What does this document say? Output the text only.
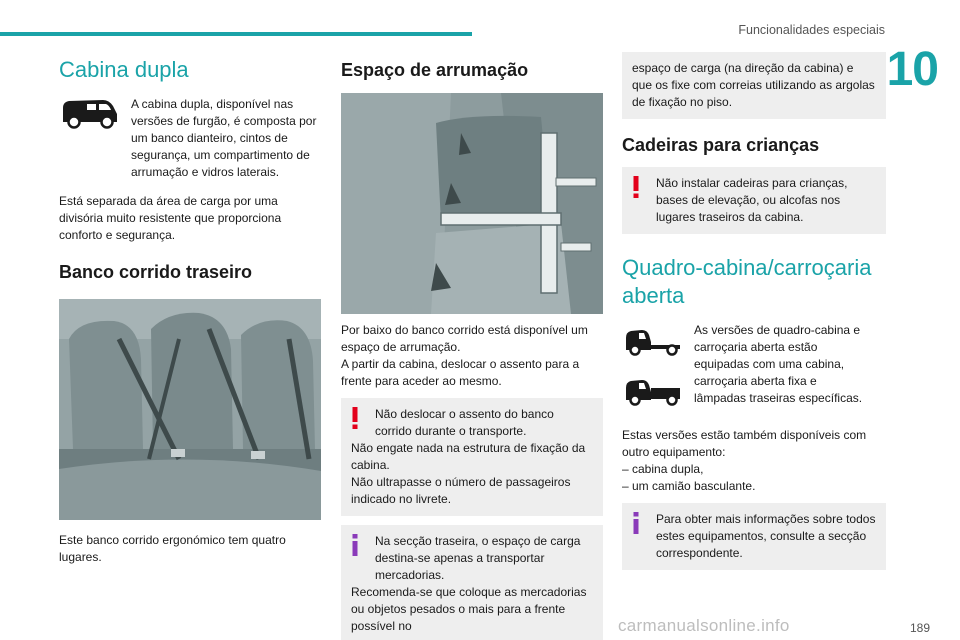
Funcionalidades especiais
10
Cabina dupla
A cabina dupla, disponível nas versões de furgão, é composta por um banco dianteiro, cintos de segurança, um compartimento de arrumação e vidros laterais.
Está separada da área de carga por uma divisória muito resistente que proporciona conforto e segurança.
Banco corrido traseiro
Este banco corrido ergonómico tem quatro lugares.
Espaço de arrumação
Por baixo do banco corrido está disponível um espaço de arrumação.
A partir da cabina, deslocar o assento para a frente para aceder ao mesmo.
Não deslocar o assento do banco corrido durante o transporte.
Não engate nada na estrutura de fixação da cabina.
Não ultrapasse o número de passageiros indicado no livrete.
Na secção traseira, o espaço de carga destina-se apenas a transportar mercadorias.
Recomenda-se que coloque as mercadorias ou objetos pesados o mais para a frente possível no
espaço de carga (na direção da cabina) e que os fixe com correias utilizando as argolas de fixação no piso.
Cadeiras para crianças
Não instalar cadeiras para crianças, bases de elevação, ou alcofas nos lugares traseiros da cabina.
Quadro-cabina/carroçaria aberta
As versões de quadro-cabina e carroçaria aberta estão equipadas com uma cabina, carroçaria aberta fixa e lâmpadas traseiras específicas.
Estas versões estão também disponíveis com outro equipamento:
– cabina dupla,
– um camião basculante.
Para obter mais informações sobre todos estes equipamentos, consulte a secção correspondente.
189
carmanualsonline.info
